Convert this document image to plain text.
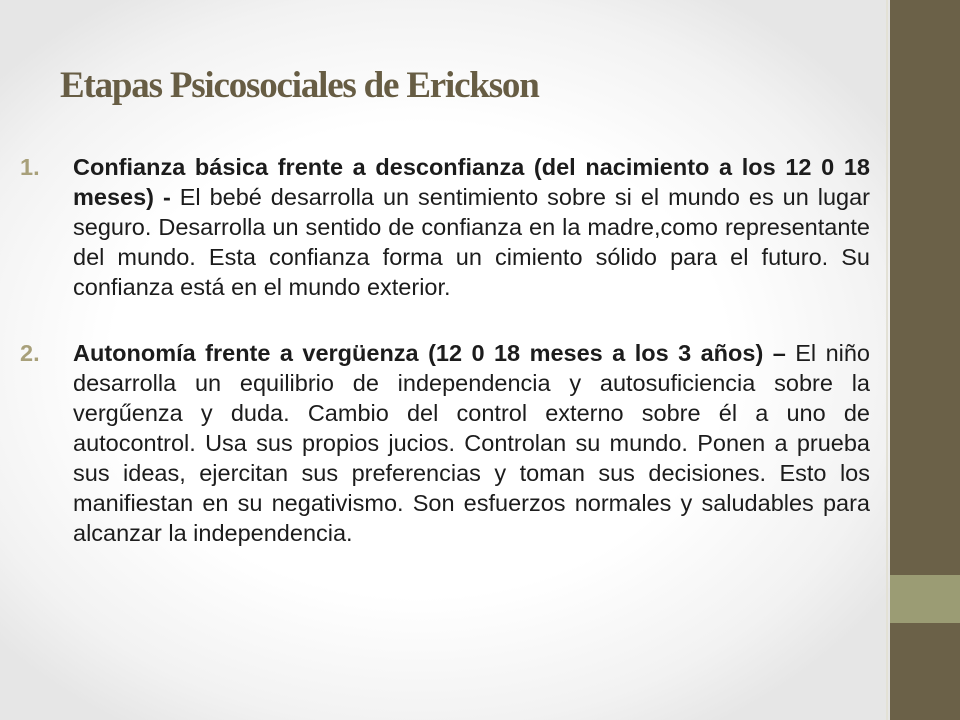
Etapas Psicosociales de Erickson
1. Confianza básica frente a desconfianza (del nacimiento a los 12 0 18 meses) - El bebé desarrolla un sentimiento sobre si el mundo es un lugar seguro. Desarrolla un sentido de confianza en la madre,como representante del mundo. Esta confianza forma un cimiento sólido para el futuro. Su confianza está en el mundo exterior.
2. Autonomía frente a vergüenza (12 0 18 meses a los 3 años) – El niño desarrolla un equilibrio de independencia y autosuficiencia sobre la vergűenza y duda. Cambio del control externo sobre él a uno de autocontrol. Usa sus propios jucios. Controlan su mundo. Ponen a prueba sus ideas, ejercitan sus preferencias y toman sus decisiones. Esto los manifiestan en su negativismo. Son esfuerzos normales y saludables para alcanzar la independencia.
